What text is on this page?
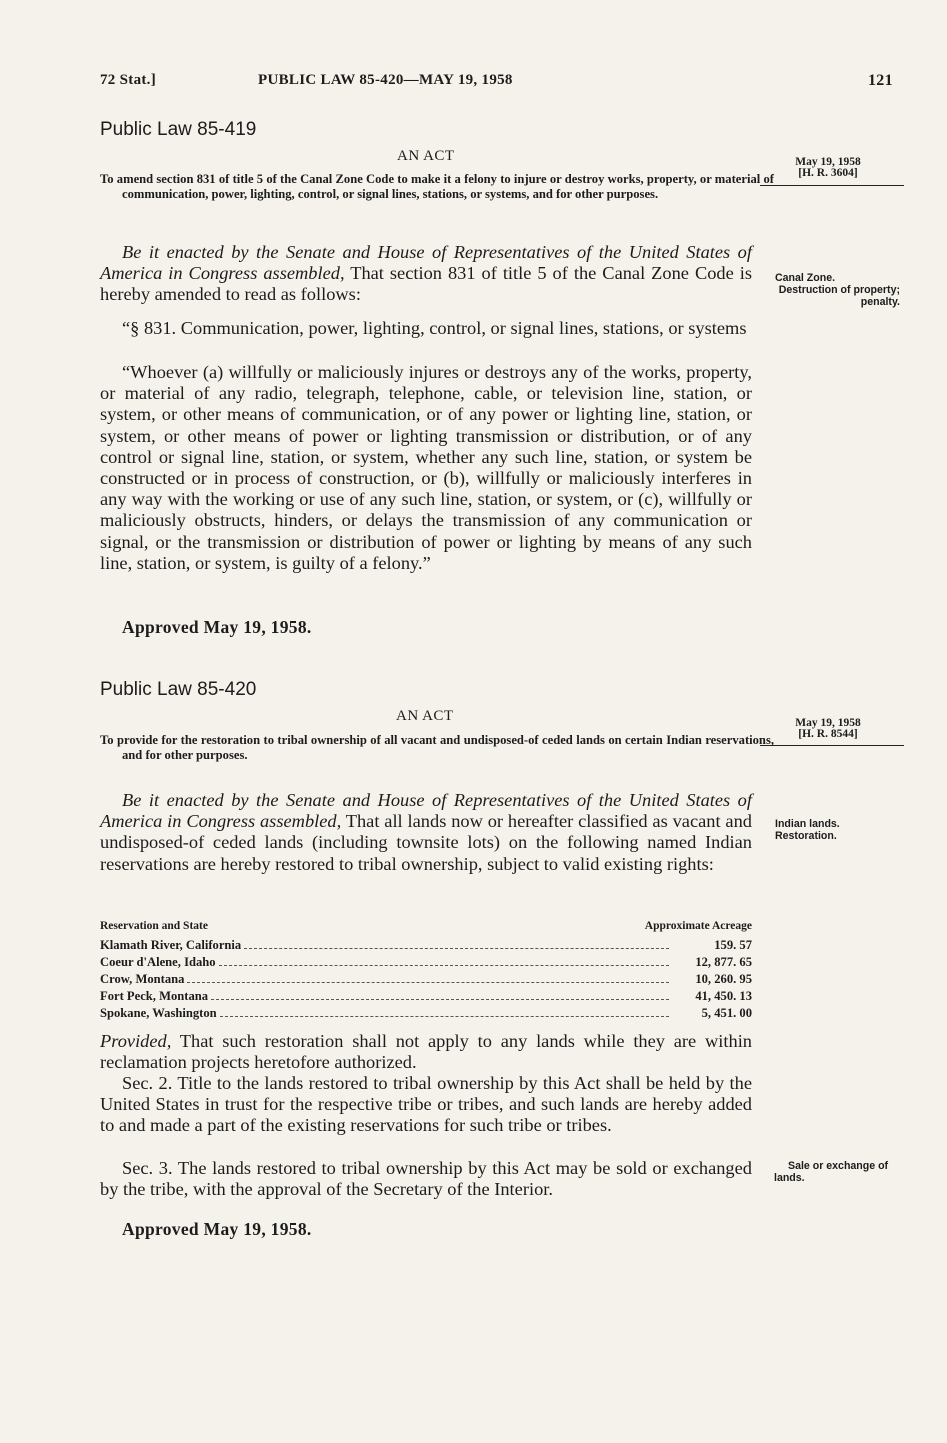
72 Stat.]	PUBLIC LAW 85-420—MAY 19, 1958	121
Public Law 85-419
AN ACT	May 19, 1958
[H. R. 3604]
To amend section 831 of title 5 of the Canal Zone Code to make it a felony to injure or destroy works, property, or material of communication, power, lighting, control, or signal lines, stations, or systems, and for other purposes.

Be it enacted by the Senate and House of Representatives of the United States of America in Congress assembled, That section 831 of title 5 of the Canal Zone Code is hereby amended to read as follows:

Canal Zone.
Destruction of property; penalty.

“§ 831. Communication, power, lighting, control, or signal lines, stations, or systems

“Whoever (a) willfully or maliciously injures or destroys any of the works, property, or material of any radio, telegraph, telephone, cable, or television line, station, or system, or other means of communication, or of any power or lighting line, station, or system, or other means of power or lighting transmission or distribution, or of any control or signal line, station, or system, whether any such line, station, or system be constructed or in process of construction, or (b), willfully or maliciously interferes in any way with the working or use of any such line, station, or system, or (c), willfully or maliciously obstructs, hinders, or delays the transmission of any communication or signal, or the transmission or distribution of power or lighting by means of any such line, station, or system, is guilty of a felony.”

Approved May 19, 1958.
Public Law 85-420
AN ACT	May 19, 1958
[H. R. 8544]
To provide for the restoration to tribal ownership of all vacant and undisposed-of ceded lands on certain Indian reservations, and for other purposes.

Be it enacted by the Senate and House of Representatives of the United States of America in Congress assembled, That all lands now or hereafter classified as vacant and undisposed-of ceded lands (including townsite lots) on the following named Indian reservations are hereby restored to tribal ownership, subject to valid existing rights:

Indian lands.
Restoration.
Reservation and State	Approximate Acreage
Klamath River, California	159. 57
Coeur d'Alene, Idaho	12, 877. 65
Crow, Montana	10, 260. 95
Fort Peck, Montana	41, 450. 13
Spokane, Washington	5, 451. 00

Provided, That such restoration shall not apply to any lands while they are within reclamation projects heretofore authorized.

Sec. 2. Title to the lands restored to tribal ownership by this Act shall be held by the United States in trust for the respective tribe or tribes, and such lands are hereby added to and made a part of the existing reservations for such tribe or tribes.

Sec. 3. The lands restored to tribal ownership by this Act may be sold or exchanged by the tribe, with the approval of the Secretary of the Interior.

Sale or exchange of lands.
Approved May 19, 1958.
